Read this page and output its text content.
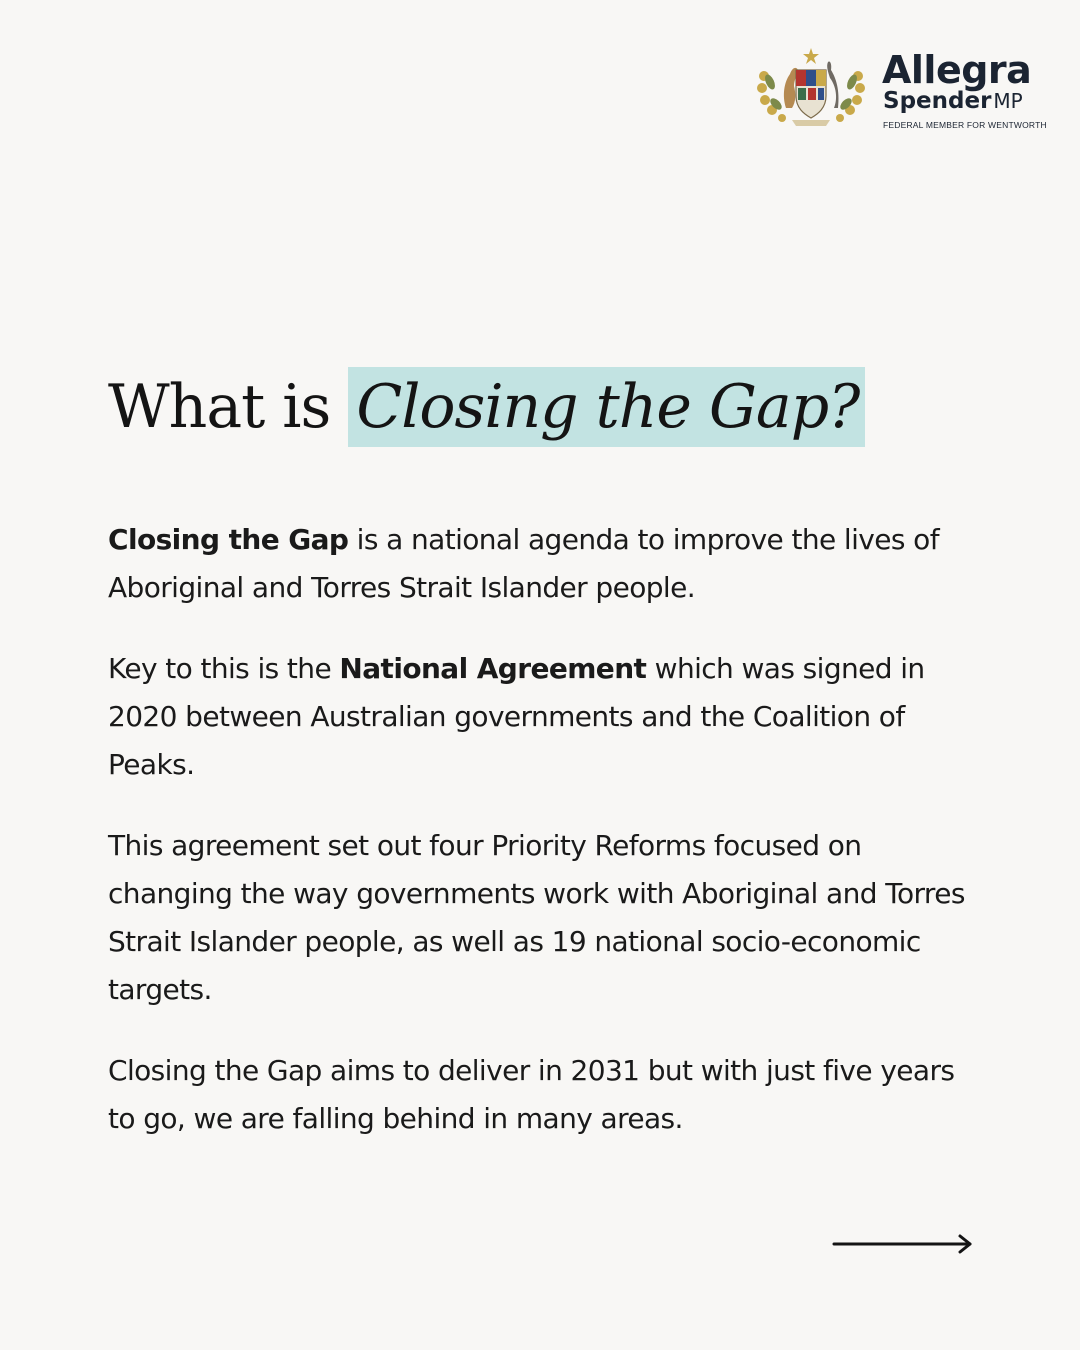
Allegra
Spender MP
FEDERAL MEMBER FOR WENTWORTH
What is Closing the Gap?

Closing the Gap is a national agenda to improve the lives of Aboriginal and Torres Strait Islander people.

Key to this is the National Agreement which was signed in 2020 between Australian governments and the Coalition of Peaks.

This agreement set out four Priority Reforms focused on changing the way governments work with Aboriginal and Torres Strait Islander people, as well as 19 national socio-economic targets.

Closing the Gap aims to deliver in 2031 but with just five years to go, we are falling behind in many areas.
